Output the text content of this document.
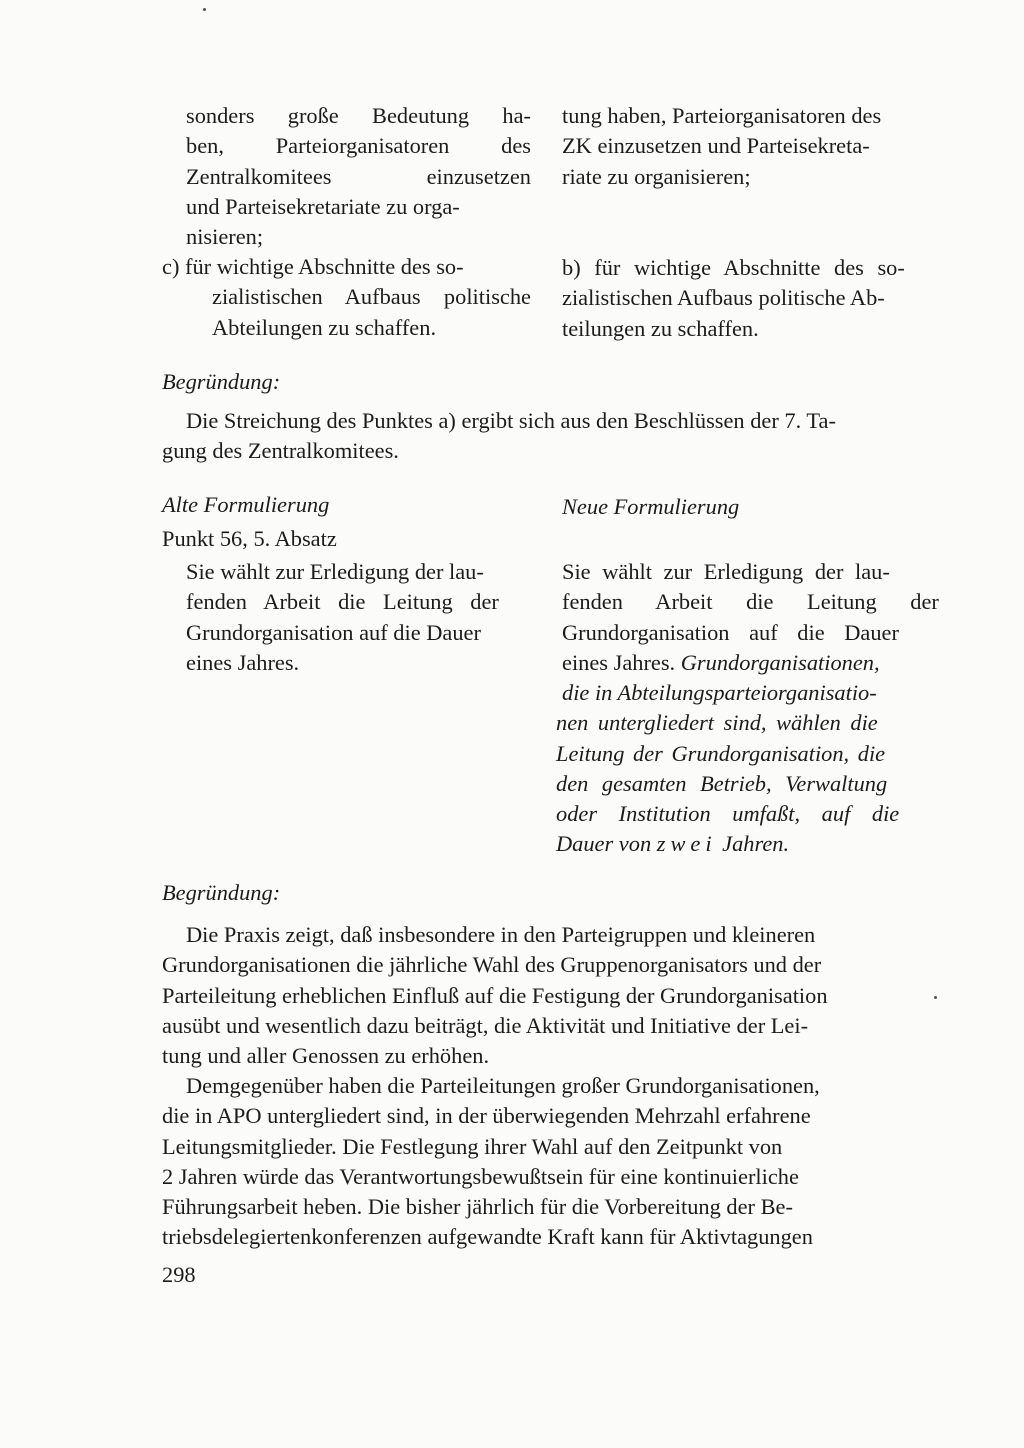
sonders große Bedeutung ha-
ben, Parteiorganisatoren des
Zentralkomitees einzusetzen
und Parteisekretariate zu orga-
nisieren;
c) für wichtige Abschnitte des so-
zialistischen Aufbaus politische
Abteilungen zu schaffen.
tung haben, Parteiorganisatoren des
ZK einzusetzen und Parteisekreta-
riate zu organisieren;
b) für wichtige Abschnitte des so-
zialistischen Aufbaus politische Ab-
teilungen zu schaffen.
Begründung:
Die Streichung des Punktes a) ergibt sich aus den Beschlüssen der 7. Ta-
gung des Zentralkomitees.
Alte Formulierung	Neue Formulierung
Punkt 56, 5. Absatz
Sie wählt zur Erledigung der lau-
fenden Arbeit die Leitung der
Grundorganisation auf die Dauer
eines Jahres.
Sie wählt zur Erledigung der lau-
fenden Arbeit die Leitung der
Grundorganisation auf die Dauer
eines Jahres. Grundorganisationen,
die in Abteilungsparteiorganisatio-
nen untergliedert sind, wählen die
Leitung der Grundorganisation, die
den gesamten Betrieb, Verwaltung
oder Institution umfaßt, auf die
Dauer von zwei Jahren.
Begründung:
Die Praxis zeigt, daß insbesondere in den Parteigruppen und kleineren
Grundorganisationen die jährliche Wahl des Gruppenorganisators und der
Parteileitung erheblichen Einfluß auf die Festigung der Grundorganisation
ausübt und wesentlich dazu beiträgt, die Aktivität und Initiative der Lei-
tung und aller Genossen zu erhöhen.
Demgegenüber haben die Parteileitungen großer Grundorganisationen,
die in APO untergliedert sind, in der überwiegenden Mehrzahl erfahrene
Leitungsmitglieder. Die Festlegung ihrer Wahl auf den Zeitpunkt von
2 Jahren würde das Verantwortungsbewußtsein für eine kontinuierliche
Führungsarbeit heben. Die bisher jährlich für die Vorbereitung der Be-
triebsdelegiertenkonferenzen aufgewandte Kraft kann für Aktivtagungen
298
